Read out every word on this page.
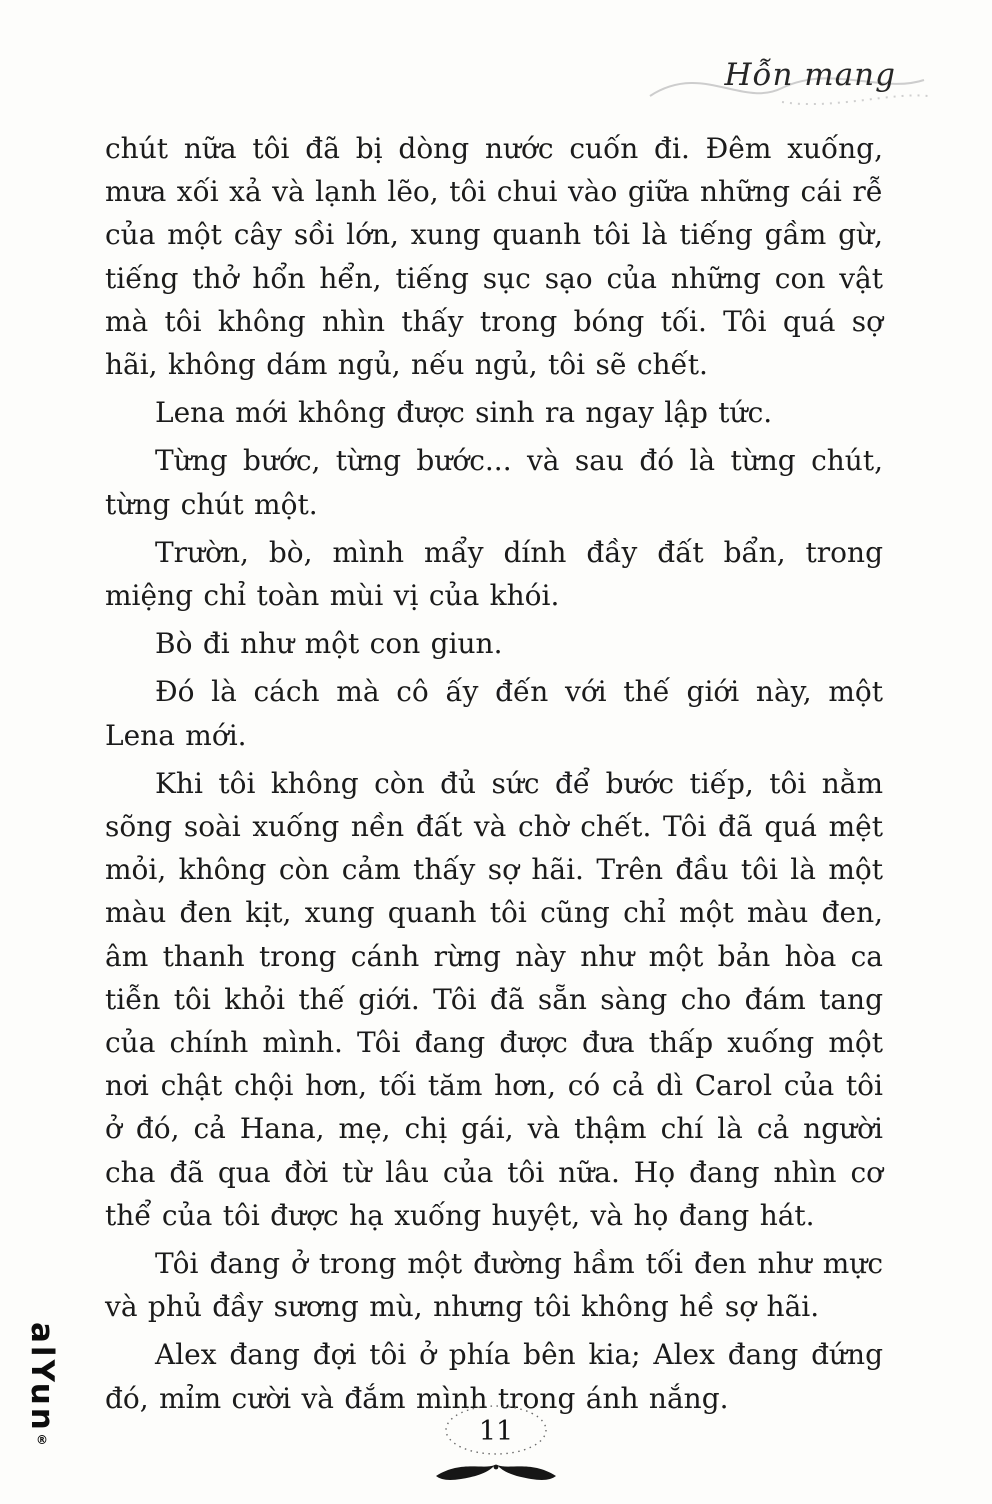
Hỗn mang

chút nữa tôi đã bị dòng nước cuốn đi. Đêm xuống, mưa xối xả và lạnh lẽo, tôi chui vào giữa những cái rễ của một cây sồi lớn, xung quanh tôi là tiếng gầm gừ, tiếng thở hổn hển, tiếng sục sạo của những con vật mà tôi không nhìn thấy trong bóng tối. Tôi quá sợ hãi, không dám ngủ, nếu ngủ, tôi sẽ chết.

Lena mới không được sinh ra ngay lập tức.

Từng bước, từng bước... và sau đó là từng chút, từng chút một.

Trườn, bò, mình mẩy dính đầy đất bẩn, trong miệng chỉ toàn mùi vị của khói.

Bò đi như một con giun.

Đó là cách mà cô ấy đến với thế giới này, một Lena mới.

Khi tôi không còn đủ sức để bước tiếp, tôi nằm sõng soài xuống nền đất và chờ chết. Tôi đã quá mệt mỏi, không còn cảm thấy sợ hãi. Trên đầu tôi là một màu đen kịt, xung quanh tôi cũng chỉ một màu đen, âm thanh trong cánh rừng này như một bản hòa ca tiễn tôi khỏi thế giới. Tôi đã sẵn sàng cho đám tang của chính mình. Tôi đang được đưa thấp xuống một nơi chật chội hơn, tối tăm hơn, có cả dì Carol của tôi ở đó, cả Hana, mẹ, chị gái, và thậm chí là cả người cha đã qua đời từ lâu của tôi nữa. Họ đang nhìn cơ thể của tôi được hạ xuống huyệt, và họ đang hát.

Tôi đang ở trong một đường hầm tối đen như mực và phủ đầy sương mù, nhưng tôi không hề sợ hãi.

Alex đang đợi tôi ở phía bên kia; Alex đang đứng đó, mỉm cười và đắm mình trong ánh nắng.

11
alYun®
